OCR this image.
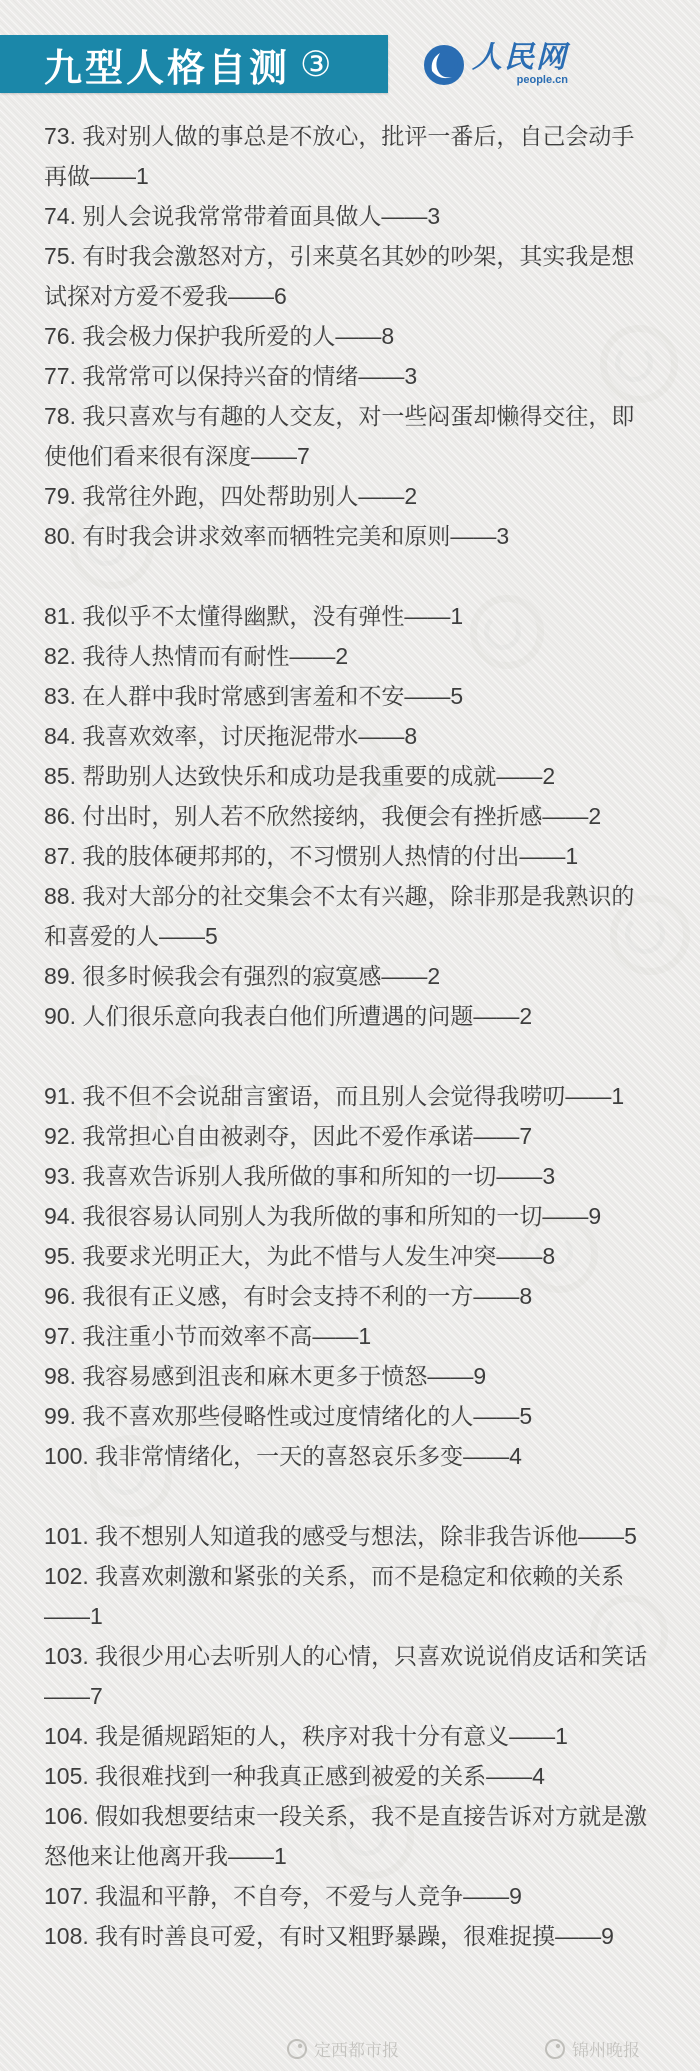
九型人格自测 ③	人民网
people.cn

73. 我对别人做的事总是不放心，批评一番后，自己会动手再做——1

74. 别人会说我常常带着面具做人——3

75. 有时我会激怒对方，引来莫名其妙的吵架，其实我是想试探对方爱不爱我——6

76. 我会极力保护我所爱的人——8

77. 我常常可以保持兴奋的情绪——3

78. 我只喜欢与有趣的人交友，对一些闷蛋却懒得交往，即使他们看来很有深度——7

79. 我常往外跑，四处帮助别人——2

80. 有时我会讲求效率而牺牲完美和原则——3

81. 我似乎不太懂得幽默，没有弹性——1

82. 我待人热情而有耐性——2

83. 在人群中我时常感到害羞和不安——5

84. 我喜欢效率，讨厌拖泥带水——8

85. 帮助别人达致快乐和成功是我重要的成就——2

86. 付出时，别人若不欣然接纳，我便会有挫折感——2

87. 我的肢体硬邦邦的，不习惯别人热情的付出——1

88. 我对大部分的社交集会不太有兴趣，除非那是我熟识的和喜爱的人——5

89. 很多时候我会有强烈的寂寞感——2

90. 人们很乐意向我表白他们所遭遇的问题——2

91. 我不但不会说甜言蜜语，而且别人会觉得我唠叨——1

92. 我常担心自由被剥夺，因此不爱作承诺——7

93. 我喜欢告诉别人我所做的事和所知的一切——3

94. 我很容易认同别人为我所做的事和所知的一切——9

95. 我要求光明正大，为此不惜与人发生冲突——8

96. 我很有正义感，有时会支持不利的一方——8

97. 我注重小节而效率不高——1

98. 我容易感到沮丧和麻木更多于愤怒——9

99. 我不喜欢那些侵略性或过度情绪化的人——5

100. 我非常情绪化，一天的喜怒哀乐多变——4

101. 我不想别人知道我的感受与想法，除非我告诉他——5

102. 我喜欢刺激和紧张的关系，而不是稳定和依赖的关系——1

103. 我很少用心去听别人的心情，只喜欢说说俏皮话和笑话——7

104. 我是循规蹈矩的人，秩序对我十分有意义——1

105. 我很难找到一种我真正感到被爱的关系——4

106. 假如我想要结束一段关系，我不是直接告诉对方就是激怒他来让他离开我——1

107. 我温和平静，不自夸，不爱与人竞争——9

108. 我有时善良可爱，有时又粗野暴躁，很难捉摸——9

定西都市报	锦州晚报
